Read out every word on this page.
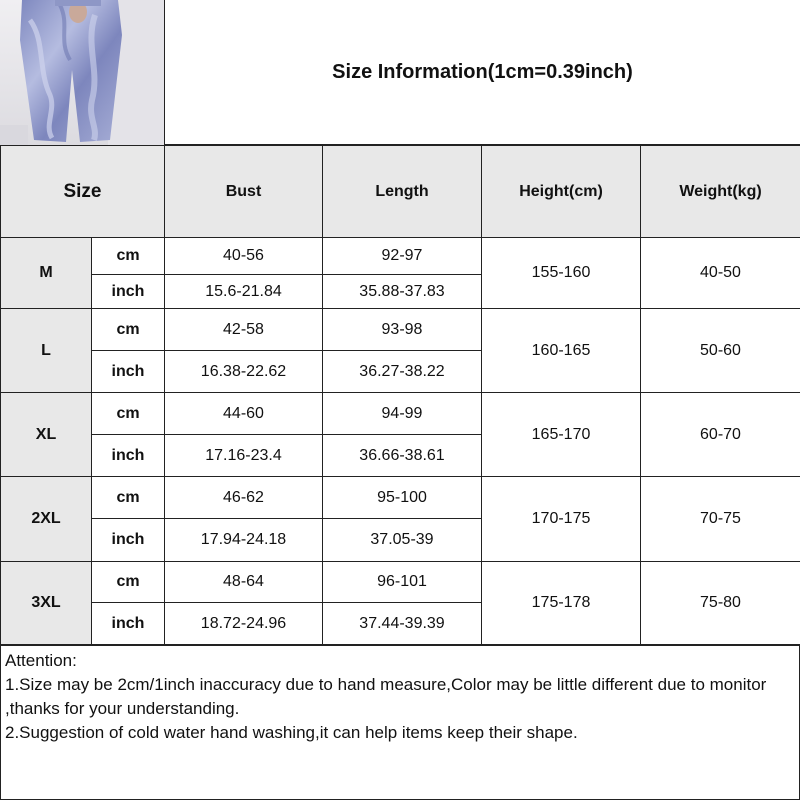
Size Information(1cm=0.39inch)
Size		Bust	Length	Height(cm)	Weight(kg)
M	cm	40-56	92-97	155-160	40-50
	inch	15.6-21.84	35.88-37.83		
L	cm	42-58	93-98	160-165	50-60
	inch	16.38-22.62	36.27-38.22		
XL	cm	44-60	94-99	165-170	60-70
	inch	17.16-23.4	36.66-38.61		
2XL	cm	46-62	95-100	170-175	70-75
	inch	17.94-24.18	37.05-39		
3XL	cm	48-64	96-101	175-178	75-80
	inch	18.72-24.96	37.44-39.39		
Attention:
1.Size may be 2cm/1inch inaccuracy due to hand measure,Color may be little different due to monitor ,thanks for your understanding.
2.Suggestion of cold water hand washing,it can help items keep their shape.
